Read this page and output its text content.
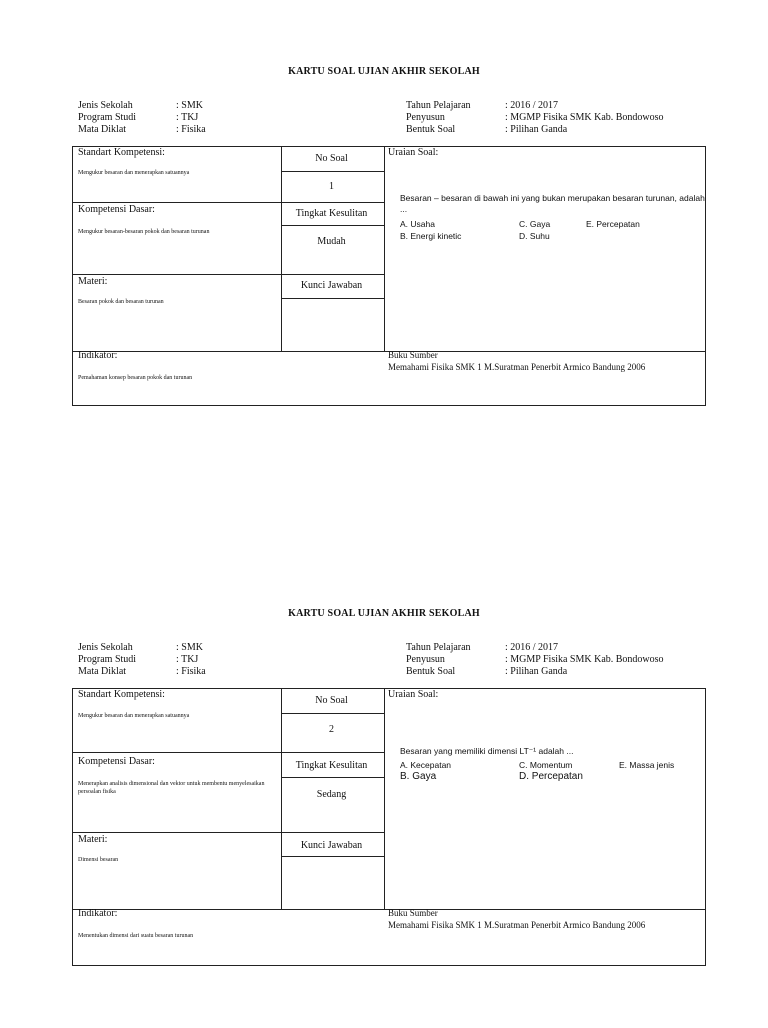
KARTU SOAL UJIAN AKHIR SEKOLAH
Jenis Sekolah	: SMK
Program Studi	: TKJ
Mata Diklat	: Fisika
Tahun Pelajaran	: 2016 / 2017
Penyusun	: MGMP Fisika SMK Kab. Bondowoso
Bentuk Soal	: Pilihan Ganda
Standart Kompetensi:
Mengukur besaran dan menerapkan satuannya
No Soal
1
Kompetensi Dasar:
Mengukur besaran-besaran pokok dan besaran turunan
Tingkat Kesulitan
Mudah
Materi:
Besaran pokok dan besaran turunan
Kunci Jawaban
Indikator:
Pemahaman konsep besaran pokok dan turunan
Uraian Soal:
Besaran – besaran di bawah ini yang bukan merupakan besaran turunan, adalah ...
A. Usaha	C. Gaya	E. Percepatan
B. Energi kinetic	D. Suhu
Buku Sumber
Memahami Fisika SMK 1 M.Suratman Penerbit Armico Bandung 2006
KARTU SOAL UJIAN AKHIR SEKOLAH
Jenis Sekolah	: SMK
Program Studi	: TKJ
Mata Diklat	: Fisika
Tahun Pelajaran	: 2016 / 2017
Penyusun	: MGMP Fisika SMK Kab. Bondowoso
Bentuk Soal	: Pilihan Ganda
Standart Kompetensi:
Mengukur besaran dan menerapkan satuannya
No Soal
2
Kompetensi Dasar:
Menerapkan analisis dimensional dan vektor untuk membentu menyelesaikan persoalan fisika
Tingkat Kesulitan
Sedang
Materi:
Dimensi besaran
Kunci Jawaban
Indikator:
Menentukan dimensi dari suatu besaran turunan
Uraian Soal:
Besaran yang memiliki dimensi LT⁻¹ adalah ...
A. Kecepatan	C. Momentum	E. Massa jenis
B. Gaya	D. Percepatan
Buku Sumber
Memahami Fisika SMK 1 M.Suratman Penerbit Armico Bandung 2006
